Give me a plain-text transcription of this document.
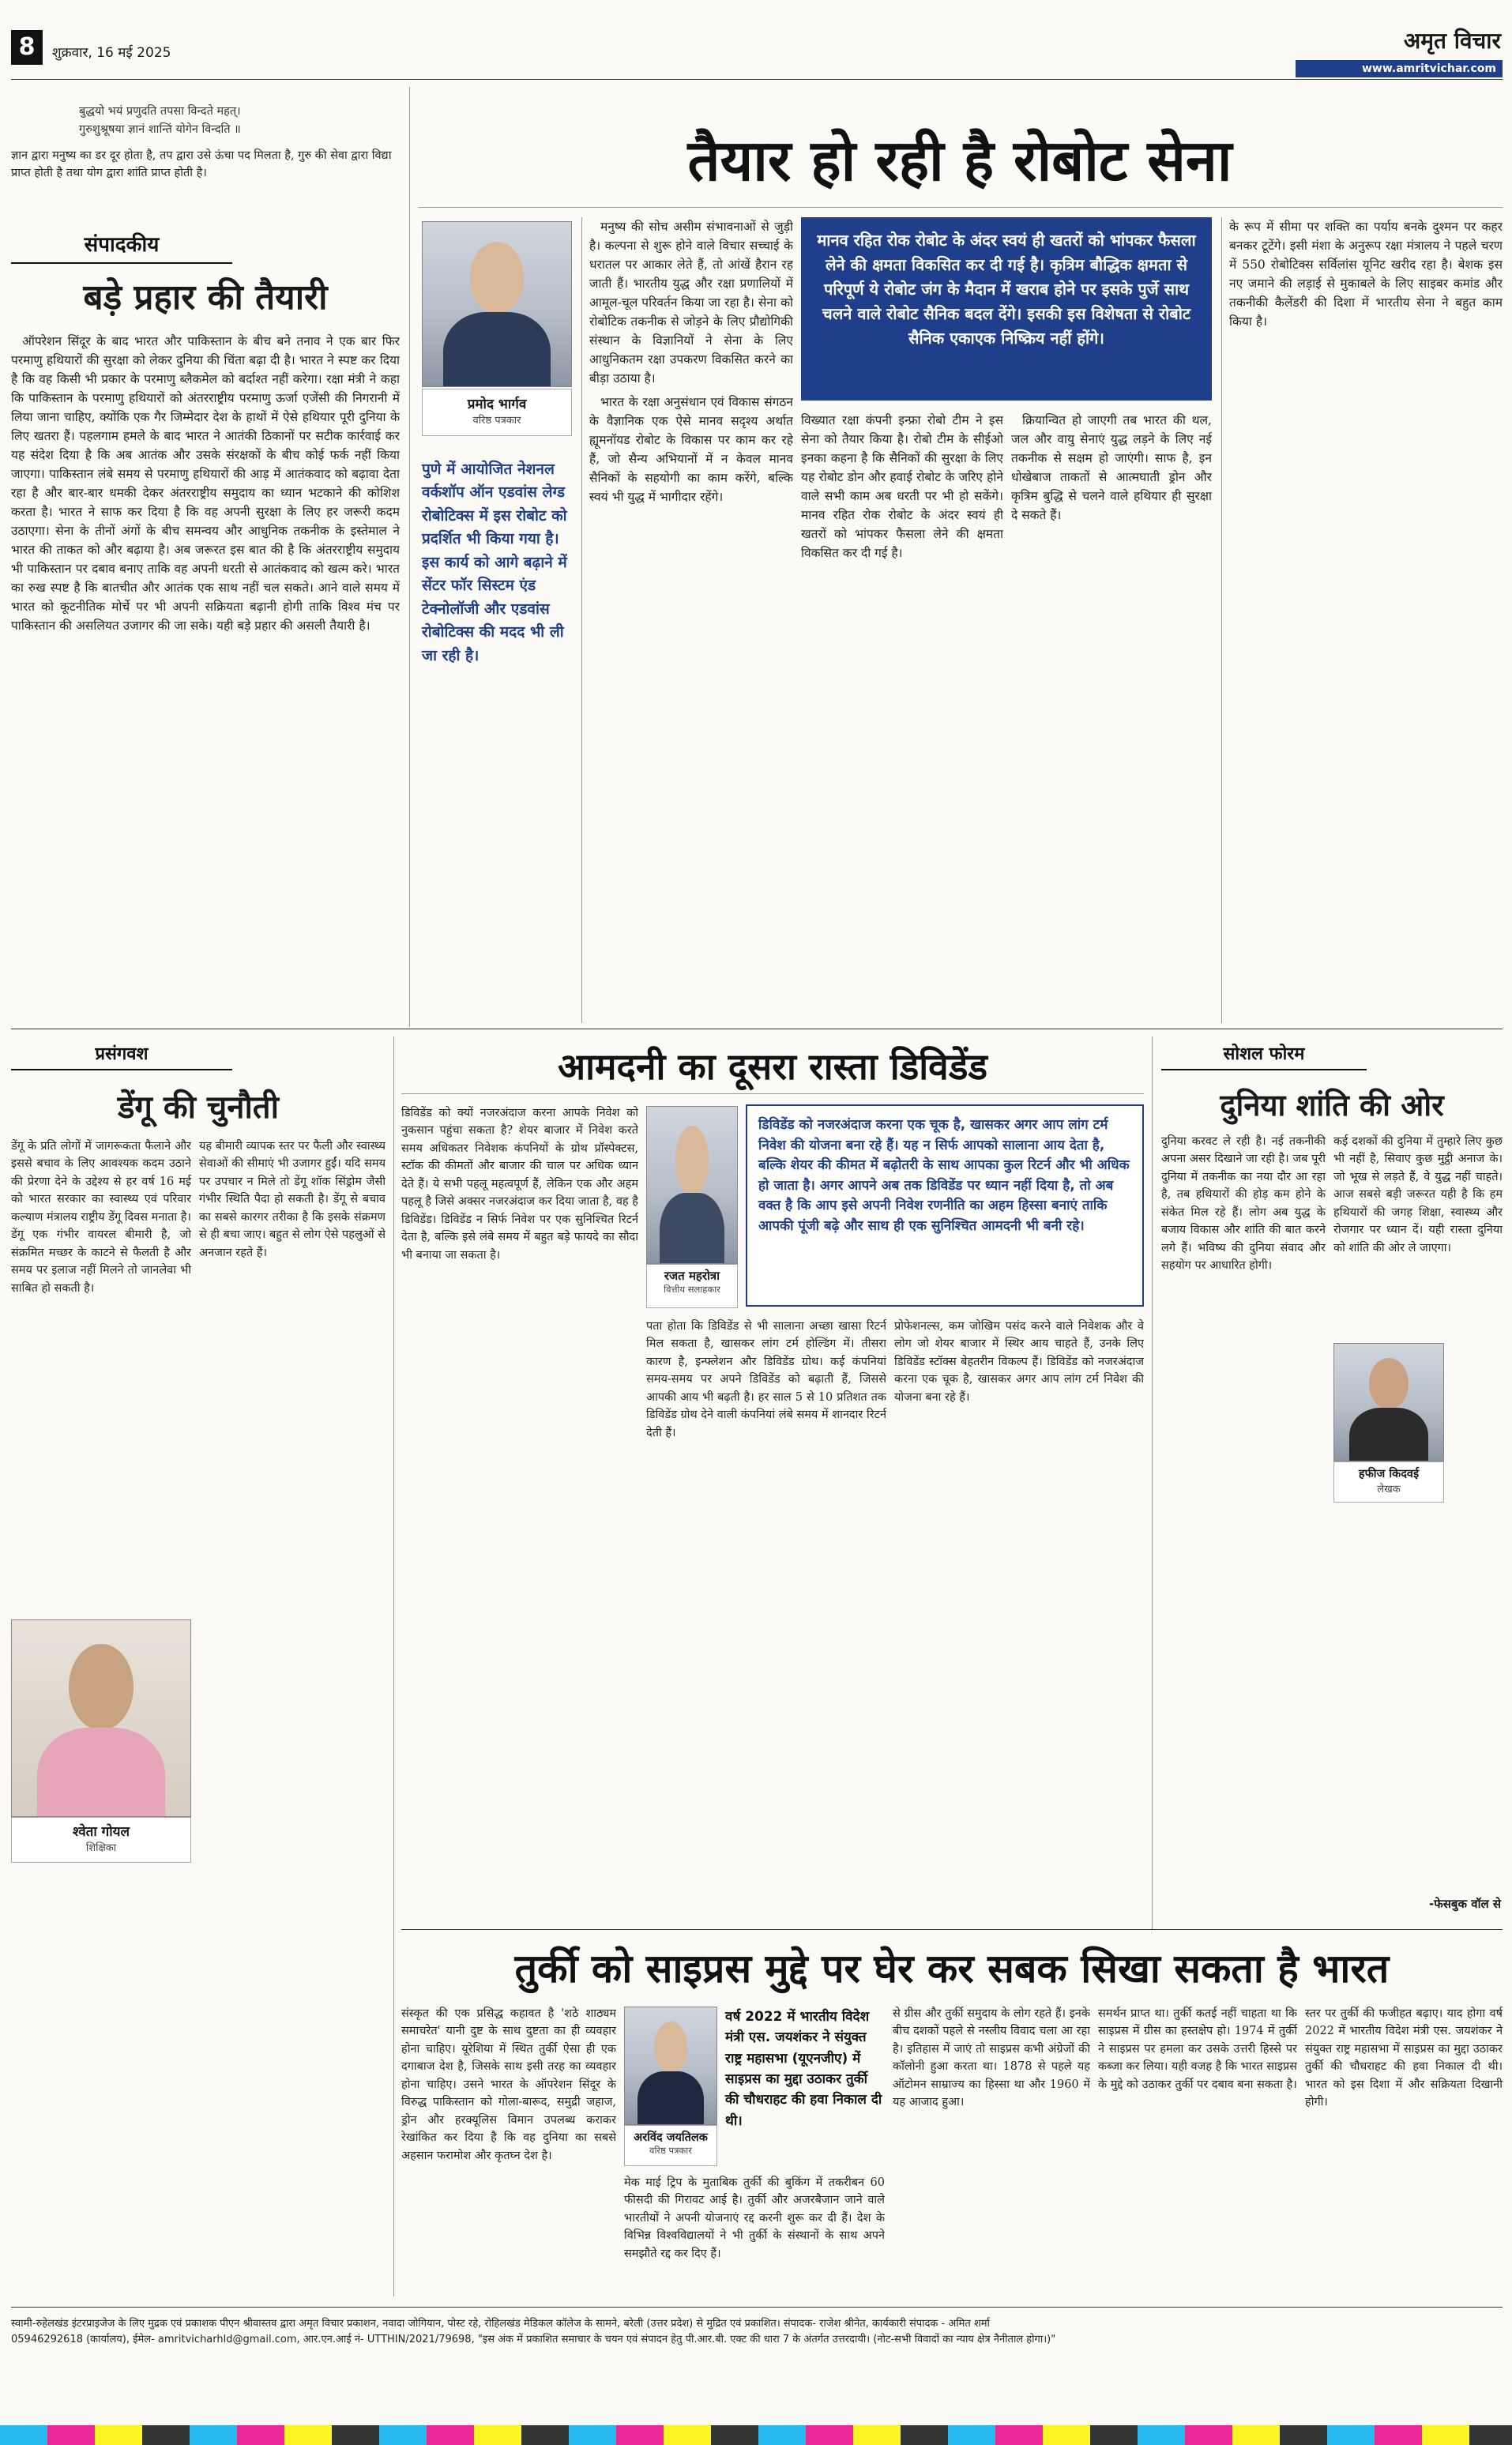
8	शुक्रवार, 16 मई 2025	अमृत विचार
www.amritvichar.com
बुद्धयो भयं प्रणुदति तपसा विन्दते महत्।
गुरुशुश्रूषया ज्ञानं शान्तिं योगेन विन्दति ॥
ज्ञान द्वारा मनुष्य का डर दूर होता है, तप द्वारा उसे ऊंचा पद मिलता है, गुरु की सेवा द्वारा विद्या प्राप्त होती है तथा योग द्वारा शांति प्राप्त होती है।
संपादकीय
बड़े प्रहार की तैयारी
ऑपरेशन सिंदूर के बाद भारत और पाकिस्तान के बीच बने तनाव ने एक बार फिर परमाणु हथियारों की सुरक्षा को लेकर दुनिया की चिंता बढ़ा दी है। भारत ने स्पष्ट कर दिया है कि वह किसी भी प्रकार के परमाणु ब्लैकमेल को बर्दाश्त नहीं करेगा। रक्षा मंत्री ने कहा कि पाकिस्तान के परमाणु हथियारों को अंतरराष्ट्रीय परमाणु ऊर्जा एजेंसी की निगरानी में लिया जाना चाहिए, क्योंकि एक गैर जिम्मेदार देश के हाथों में ऐसे हथियार पूरी दुनिया के लिए खतरा हैं। पहलगाम हमले के बाद भारत ने आतंकी ठिकानों पर सटीक कार्रवाई कर यह संदेश दिया है कि अब आतंक और उसके संरक्षकों के बीच कोई फर्क नहीं किया जाएगा। पाकिस्तान लंबे समय से परमाणु हथियारों की आड़ में आतंकवाद को बढ़ावा देता रहा है और बार-बार धमकी देकर अंतरराष्ट्रीय समुदाय का ध्यान भटकाने की कोशिश करता है। भारत ने साफ कर दिया है कि वह अपनी सुरक्षा के लिए हर जरूरी कदम उठाएगा। सेना के तीनों अंगों के बीच समन्वय और आधुनिक तकनीक के इस्तेमाल ने भारत की ताकत को और बढ़ाया है। अब जरूरत इस बात की है कि अंतरराष्ट्रीय समुदाय भी पाकिस्तान पर दबाव बनाए ताकि वह अपनी धरती से आतंकवाद को खत्म करे। भारत का रुख स्पष्ट है कि बातचीत और आतंक एक साथ नहीं चल सकते। आने वाले समय में भारत को कूटनीतिक मोर्चे पर भी अपनी सक्रियता बढ़ानी होगी ताकि विश्व मंच पर पाकिस्तान की असलियत उजागर की जा सके। यही बड़े प्रहार की असली तैयारी है।
तैयार हो रही है रोबोट सेना
प्रमोद भार्गव
वरिष्ठ पत्रकार
पुणे में आयोजित नेशनल वर्कशॉप ऑन एडवांस लेग्ड रोबोटिक्स में इस रोबोट को प्रदर्शित भी किया गया है। इस कार्य को आगे बढ़ाने में सेंटर फॉर सिस्टम एंड टेक्नोलॉजी और एडवांस रोबोटिक्स की मदद भी ली जा रही है।

मनुष्य की सोच असीम संभावनाओं से जुड़ी है। कल्पना से शुरू होने वाले विचार सच्चाई के धरातल पर आकार लेते हैं, तो आंखें हैरान रह जाती हैं। भारतीय युद्ध और रक्षा प्रणालियों में आमूल-चूल परिवर्तन किया जा रहा है। सेना को रोबोटिक तकनीक से जोड़ने के लिए प्रौद्योगिकी संस्थान के विज्ञानियों ने सेना के लिए आधुनिकतम रक्षा उपकरण विकसित करने का बीड़ा उठाया है।

भारत के रक्षा अनुसंधान एवं विकास संगठन के वैज्ञानिक एक ऐसे मानव सदृश्य अर्थात ह्यूमनॉयड रोबोट के विकास पर काम कर रहे हैं, जो सैन्य अभियानों में न केवल मानव सैनिकों के सहयोगी का काम करेंगे, बल्कि स्वयं भी युद्ध में भागीदार रहेंगे।

मानव रहित रोक रोबोट के अंदर स्वयं ही खतरों को भांपकर फैसला लेने की क्षमता विकसित कर दी गई है। कृत्रिम बौद्धिक क्षमता से परिपूर्ण ये रोबोट जंग के मैदान में खराब होने पर इसके पुर्जे साथ चलने वाले रोबोट सैनिक बदल देंगे। इसकी इस विशेषता से रोबोट सैनिक एकाएक निष्क्रिय नहीं होंगे।
विख्यात रक्षा कंपनी इन्फ्रा रोबो टीम ने इस सेना को तैयार किया है। रोबो टीम के सीईओ इनका कहना है कि सैनिकों की सुरक्षा के लिए यह रोबोट डोन और हवाई रोबोट के जरिए होने वाले सभी काम अब धरती पर भी हो सकेंगे। मानव रहित रोक रोबोट के अंदर स्वयं ही खतरों को भांपकर फैसला लेने की क्षमता विकसित कर दी गई है।

क्रियान्वित हो जाएगी तब भारत की थल, जल और वायु सेनाएं युद्ध लड़ने के लिए नई तकनीक से सक्षम हो जाएंगी। साफ है, इन धोखेबाज ताकतों से आत्मघाती ड्रोन और कृत्रिम बुद्धि से चलने वाले हथियार ही सुरक्षा दे सकते हैं।

के रूप में सीमा पर शक्ति का पर्याय बनके दुश्मन पर कहर बनकर टूटेंगे। इसी मंशा के अनुरूप रक्षा मंत्रालय ने पहले चरण में 550 रोबोटिक्स सर्विलांस यूनिट खरीद रहा है। बेशक इस नए जमाने की लड़ाई से मुकाबले के लिए साइबर कमांड और तकनीकी कैलेंडरी की दिशा में भारतीय सेना ने बहुत काम किया है।
प्रसंगवश
डेंगू की चुनौती
डेंगू के प्रति लोगों में जागरूकता फैलाने और इससे बचाव के लिए आवश्यक कदम उठाने की प्रेरणा देने के उद्देश्य से हर वर्ष 16 मई को भारत सरकार का स्वास्थ्य एवं परिवार कल्याण मंत्रालय राष्ट्रीय डेंगू दिवस मनाता है। डेंगू एक गंभीर वायरल बीमारी है, जो संक्रमित मच्छर के काटने से फैलती है और समय पर इलाज नहीं मिलने तो जानलेवा भी साबित हो सकती है।
श्वेता गोयल
शिक्षिका
यह बीमारी व्यापक स्तर पर फैली और स्वास्थ्य सेवाओं की सीमाएं भी उजागर हुईं। यदि समय पर उपचार न मिले तो डेंगू शॉक सिंड्रोम जैसी गंभीर स्थिति पैदा हो सकती है। डेंगू से बचाव का सबसे कारगर तरीका है कि इसके संक्रमण से ही बचा जाए। बहुत से लोग ऐसे पहलुओं से अनजान रहते हैं।
आमदनी का दूसरा रास्ता डिविडेंड
डिविडेंड को क्यों नजरअंदाज करना आपके निवेश को नुकसान पहुंचा सकता है? शेयर बाजार में निवेश करते समय अधिकतर निवेशक कंपनियों के ग्रोथ प्रॉस्पेक्टस, स्टॉक की कीमतों और बाजार की चाल पर अधिक ध्यान देते हैं। ये सभी पहलू महत्वपूर्ण हैं, लेकिन एक और अहम पहलू है जिसे अक्सर नजरअंदाज कर दिया जाता है, वह है डिविडेंड। डिविडेंड न सिर्फ निवेश पर एक सुनिश्चित रिटर्न देता है, बल्कि इसे लंबे समय में बहुत बड़े फायदे का सौदा भी बनाया जा सकता है।
रजत महरोत्रा
वित्तीय सलाहकार
डिविडेंड को नजरअंदाज करना एक चूक है, खासकर अगर आप लांग टर्म निवेश की योजना बना रहे हैं। यह न सिर्फ आपको सालाना आय देता है, बल्कि शेयर की कीमत में बढ़ोतरी के साथ आपका कुल रिटर्न और भी अधिक हो जाता है। अगर आपने अब तक डिविडेंड पर ध्यान नहीं दिया है, तो अब वक्त है कि आप इसे अपनी निवेश रणनीति का अहम हिस्सा बनाएं ताकि आपकी पूंजी बढ़े और साथ ही एक सुनिश्चित आमदनी भी बनी रहे।
पता होता कि डिविडेंड से भी सालाना अच्छा खासा रिटर्न मिल सकता है, खासकर लांग टर्म होल्डिंग में। तीसरा कारण है, इन्फ्लेशन और डिविडेंड ग्रोथ। कई कंपनियां समय-समय पर अपने डिविडेंड को बढ़ाती हैं, जिससे आपकी आय भी बढ़ती है। हर साल 5 से 10 प्रतिशत तक डिविडेंड ग्रोथ देने वाली कंपनियां लंबे समय में शानदार रिटर्न देती हैं।
प्रोफेशनल्स, कम जोखिम पसंद करने वाले निवेशक और वे लोग जो शेयर बाजार में स्थिर आय चाहते हैं, उनके लिए डिविडेंड स्टॉक्स बेहतरीन विकल्प हैं। डिविडेंड को नजरअंदाज करना एक चूक है, खासकर अगर आप लांग टर्म निवेश की योजना बना रहे हैं।
सोशल फोरम
दुनिया शांति की ओर
दुनिया करवट ले रही है। नई तकनीकी अपना असर दिखाने जा रही है। जब पूरी दुनिया में तकनीक का नया दौर आ रहा है, तब हथियारों की होड़ कम होने के संकेत मिल रहे हैं। लोग अब युद्ध के बजाय विकास और शांति की बात करने लगे हैं। भविष्य की दुनिया संवाद और सहयोग पर आधारित होगी।
कई दशकों की दुनिया में तुम्हारे लिए कुछ भी नहीं है, सिवाए कुछ मुट्ठी अनाज के। जो भूख से लड़ते हैं, वे युद्ध नहीं चाहते। आज सबसे बड़ी जरूरत यही है कि हम हथियारों की जगह शिक्षा, स्वास्थ्य और रोजगार पर ध्यान दें। यही रास्ता दुनिया को शांति की ओर ले जाएगा।
हफीज किदवई
लेखक
-फेसबुक वॉल से
तुर्की को साइप्रस मुद्दे पर घेर कर सबक सिखा सकता है भारत
संस्कृत की एक प्रसिद्ध कहावत है 'शठे शाठ्यम समाचरेत' यानी दुष्ट के साथ दुष्टता का ही व्यवहार होना चाहिए। यूरेशिया में स्थित तुर्की ऐसा ही एक दगाबाज देश है, जिसके साथ इसी तरह का व्यवहार होना चाहिए। उसने भारत के ऑपरेशन सिंदूर के विरुद्ध पाकिस्तान को गोला-बारूद, समुद्री जहाज, ड्रोन और हरक्यूलिस विमान उपलब्ध कराकर रेखांकित कर दिया है कि वह दुनिया का सबसे अहसान फरामोश और कृतघ्न देश है।
अरविंद जयतिलक
वरिष्ठ पत्रकार
वर्ष 2022 में भारतीय विदेश मंत्री एस. जयशंकर ने संयुक्त राष्ट्र महासभा (यूएनजीए) में साइप्रस का मुद्दा उठाकर तुर्की की चौधराहट की हवा निकाल दी थी।
मेक माई ट्रिप के मुताबिक तुर्की की बुकिंग में तकरीबन 60 फीसदी की गिरावट आई है। तुर्की और अजरबैजान जाने वाले भारतीयों ने अपनी योजनाएं रद्द करनी शुरू कर दी हैं। देश के विभिन्न विश्वविद्यालयों ने भी तुर्की के संस्थानों के साथ अपने समझौते रद्द कर दिए हैं।
से ग्रीस और तुर्की समुदाय के लोग रहते हैं। इनके बीच दशकों पहले से नस्लीय विवाद चला आ रहा है। इतिहास में जाएं तो साइप्रस कभी अंग्रेजों की कॉलोनी हुआ करता था। 1878 से पहले यह ऑटोमन साम्राज्य का हिस्सा था और 1960 में यह आजाद हुआ।
समर्थन प्राप्त था। तुर्की कतई नहीं चाहता था कि साइप्रस में ग्रीस का हस्तक्षेप हो। 1974 में तुर्की ने साइप्रस पर हमला कर उसके उत्तरी हिस्से पर कब्जा कर लिया। यही वजह है कि भारत साइप्रस के मुद्दे को उठाकर तुर्की पर दबाव बना सकता है।
स्तर पर तुर्की की फजीहत बढ़ाए। याद होगा वर्ष 2022 में भारतीय विदेश मंत्री एस. जयशंकर ने संयुक्त राष्ट्र महासभा में साइप्रस का मुद्दा उठाकर तुर्की की चौधराहट की हवा निकाल दी थी। भारत को इस दिशा में और सक्रियता दिखानी होगी।
स्वामी-रुहेलखंड इंटरप्राइजेज के लिए मुद्रक एवं प्रकाशक पीएन श्रीवास्तव द्वारा अमृत विचार प्रकाशन, नवादा जोगियान, पोस्ट रहे, रोहिलखंड मेडिकल कॉलेज के सामने, बरेली (उत्तर प्रदेश) से मुद्रित एवं प्रकाशित। संपादक- राजेश श्रीनेत, कार्यकारी संपादक - अमित शर्मा
05946292618 (कार्यालय), ईमेल- amritvicharhld@gmail.com, आर.एन.आई नं- UTTHIN/2021/79698, "इस अंक में प्रकाशित समाचार के चयन एवं संपादन हेतु पी.आर.बी. एक्ट की धारा 7 के अंतर्गत उत्तरदायी। (नोट-सभी विवादों का न्याय क्षेत्र नैनीताल होगा।)"
